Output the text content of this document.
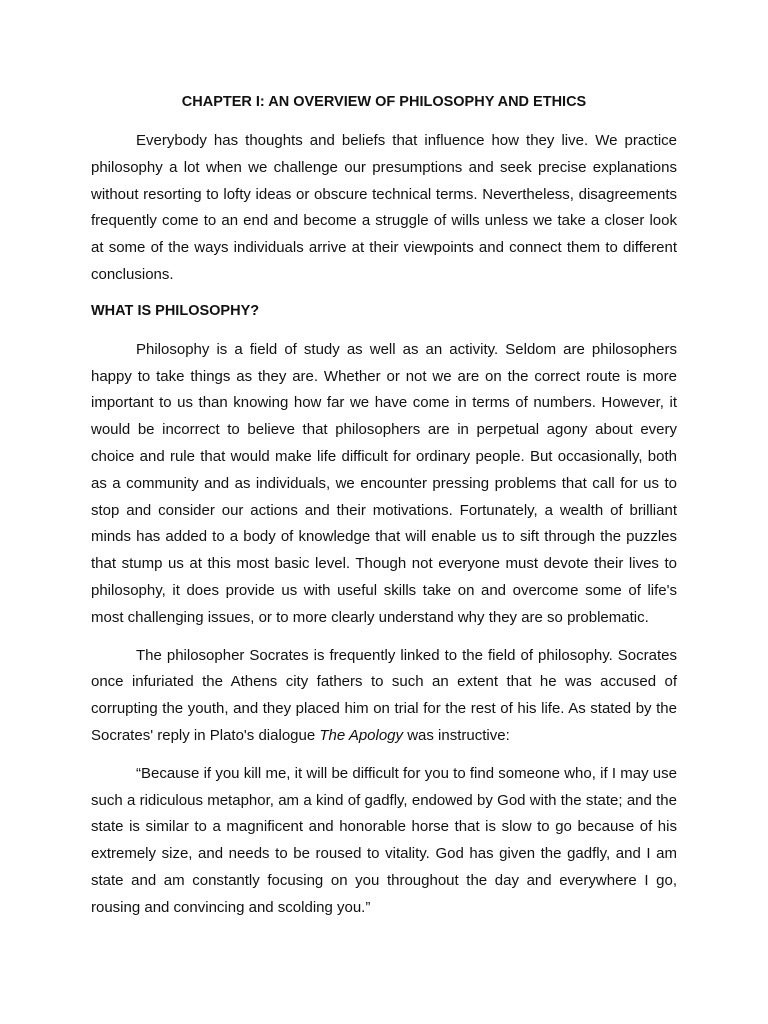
CHAPTER I: AN OVERVIEW OF PHILOSOPHY AND ETHICS

Everybody has thoughts and beliefs that influence how they live. We practice philosophy a lot when we challenge our presumptions and seek precise explanations without resorting to lofty ideas or obscure technical terms. Nevertheless, disagreements frequently come to an end and become a struggle of wills unless we take a closer look at some of the ways individuals arrive at their viewpoints and connect them to different conclusions.

WHAT IS PHILOSOPHY?

Philosophy is a field of study as well as an activity. Seldom are philosophers happy to take things as they are. Whether or not we are on the correct route is more important to us than knowing how far we have come in terms of numbers. However, it would be incorrect to believe that philosophers are in perpetual agony about every choice and rule that would make life difficult for ordinary people. But occasionally, both as a community and as individuals, we encounter pressing problems that call for us to stop and consider our actions and their motivations. Fortunately, a wealth of brilliant minds has added to a body of knowledge that will enable us to sift through the puzzles that stump us at this most basic level. Though not everyone must devote their lives to philosophy, it does provide us with useful skills take on and overcome some of life's most challenging issues, or to more clearly understand why they are so problematic.

The philosopher Socrates is frequently linked to the field of philosophy. Socrates once infuriated the Athens city fathers to such an extent that he was accused of corrupting the youth, and they placed him on trial for the rest of his life. As stated by the Socrates' reply in Plato's dialogue The Apology was instructive:

“Because if you kill me, it will be difficult for you to find someone who, if I may use such a ridiculous metaphor, am a kind of gadfly, endowed by God with the state; and the state is similar to a magnificent and honorable horse that is slow to go because of his extremely size, and needs to be roused to vitality. God has given the gadfly, and I am state and am constantly focusing on you throughout the day and everywhere I go, rousing and convincing and scolding you.”
